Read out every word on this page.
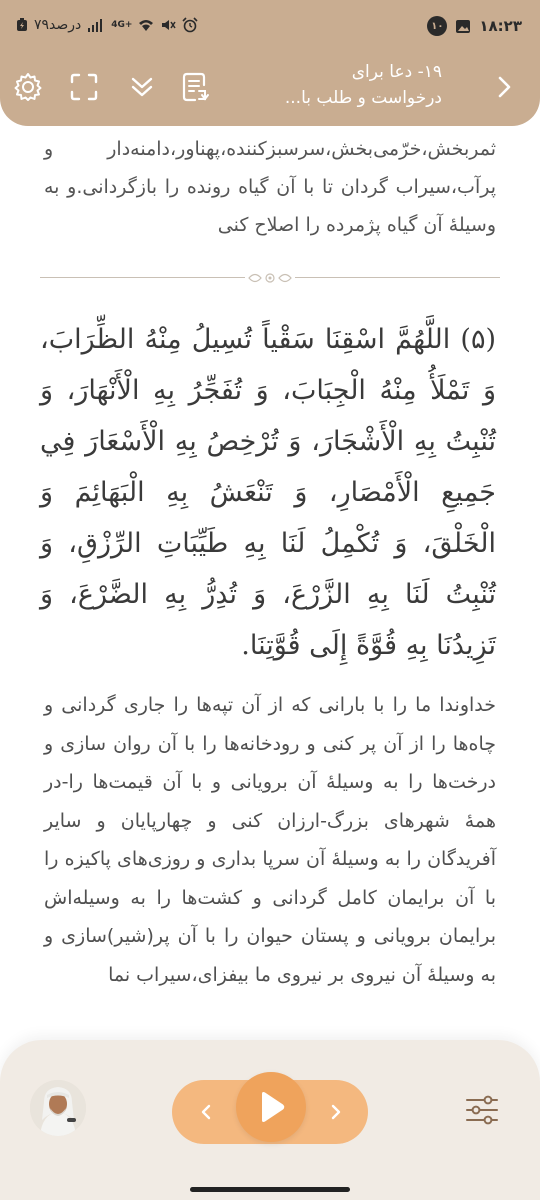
۷۹درصد	4G+	۱۰ ۱۸:۲۳
۱۹- دعا برای
درخواست و طلب با...

ثمربخش،خرّمی‌بخش،سرسبزکننده،پهناور،دامنه‌دار و پرآب،سیراب گردان تا با آن گیاه رونده را بازگردانی.و به وسیلهٔ آن گیاه پژمرده را اصلاح کنی

(۵) اللَّهُمَّ اسْقِنَا سَقْياً تُسِيلُ مِنْهُ الظِّرَابَ، وَ تَمْلَأُ مِنْهُ الْجِبَابَ، وَ تُفَجِّرُ بِهِ الْأَنْهَارَ، وَ تُنْبِتُ بِهِ الْأَشْجَارَ، وَ تُرْخِصُ بِهِ الْأَسْعَارَ فِي جَمِيعِ الْأَمْصَارِ، وَ تَنْعَشُ بِهِ الْبَهَائِمَ وَ الْخَلْقَ، وَ تُكْمِلُ لَنَا بِهِ طَيِّبَاتِ الرِّزْقِ، وَ تُنْبِتُ لَنَا بِهِ الزَّرْعَ، وَ تُدِرُّ بِهِ الضَّرْعَ، وَ تَزِيدُنَا بِهِ قُوَّةً إِلَى قُوَّتِنَا.

خداوندا ما را با بارانی که از آن تپه‌ها را جاری گردانی و چاه‌ها را از آن پر کنی و رودخانه‌ها را با آن روان سازی و درخت‌ها را به وسیلهٔ آن برویانی و با آن قیمت‌ها را-در همهٔ شهرهای بزرگ-ارزان کنی و چهارپایان و سایر آفریدگان را به وسیلهٔ آن سرپا بداری و روزی‌های پاکیزه را با آن برایمان کامل گردانی و کشت‌ها را به وسیله‌اش برایمان برویانی و پستان حیوان را با آن پر(شیر)سازی و به وسیلهٔ آن نیروی بر نیروی ما بیفزای،سیراب نما
